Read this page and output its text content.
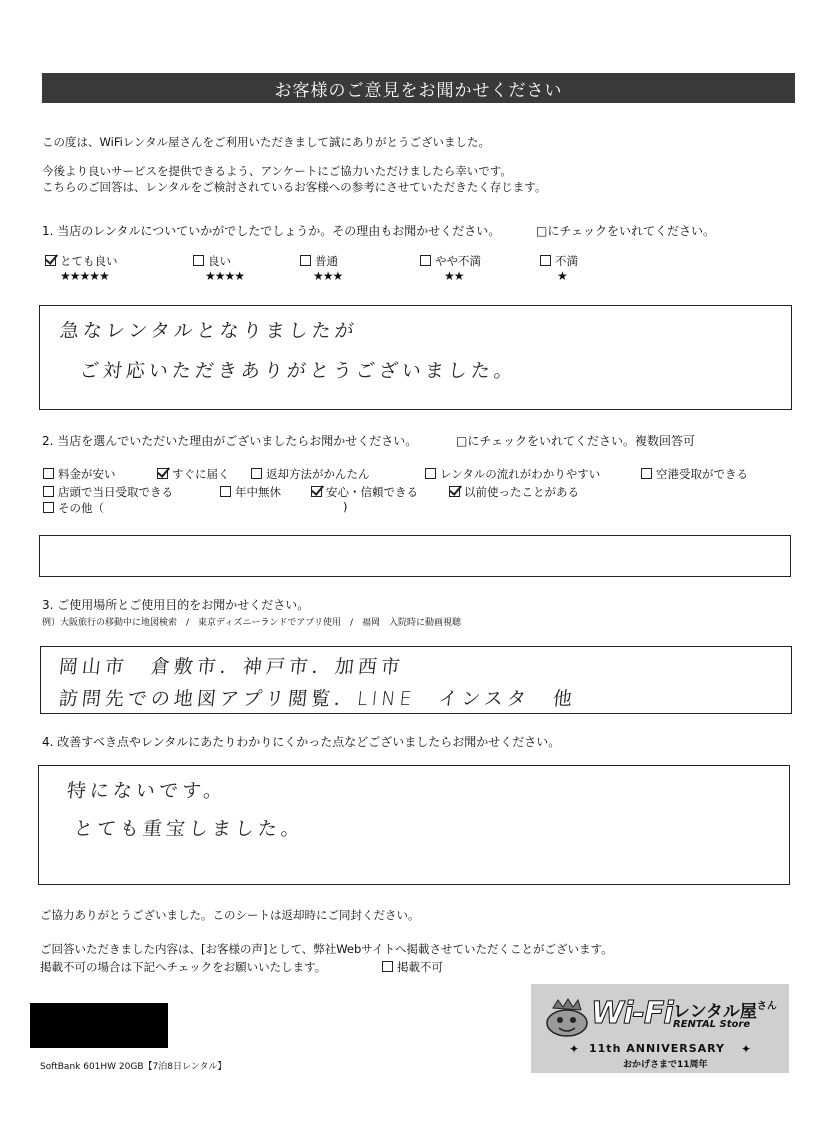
お客様のご意見をお聞かせください
この度は、WiFiレンタル屋さんをご利用いただきまして誠にありがとうございました。
今後より良いサービスを提供できるよう、アンケートにご協力いただけましたら幸いです。
こちらのご回答は、レンタルをご検討されているお客様への参考にさせていただきたく存じます。
1. 当店のレンタルについていかがでしたでしょうか。その理由もお聞かせください。	□にチェックをいれてください。
とても良い
★★★★★
良い
★★★★
普通
★★★
やや不満
★★
不満
★
急なレンタルとなりましたが
ご対応いただきありがとうございました。
2. 当店を選んでいただいた理由がございましたらお聞かせください。	□にチェックをいれてください。複数回答可
料金が安い	すぐに届く	返却方法がかんたん	レンタルの流れがわかりやすい	空港受取ができる
店頭で当日受取できる	年中無休	安心・信頼できる	以前使ったことがある
その他（	)
3. ご使用場所とご使用目的をお聞かせください。
例）大阪旅行の移動中に地図検索　/　東京ディズニーランドでアプリ使用　/　福岡　入院時に動画視聴
岡山市　倉敷市．神戸市．加西市
訪問先での地図アプリ閲覧．LINE　インスタ　他
4. 改善すべき点やレンタルにあたりわかりにくかった点などございましたらお聞かせください。
特にないです。
とても重宝しました。
ご協力ありがとうございました。このシートは返却時にご同封ください。
ご回答いただきました内容は、[お客様の声]として、弊社Webサイトへ掲載させていただくことがございます。
掲載不可の場合は下記へチェックをお願いいたします。	掲載不可
SoftBank 601HW 20GB【7泊8日レンタル】
Wi-Fi レンタル屋$^{さん}$
RENTAL Store
✦ 11th ANNIVERSARY ✦
おかげさまで11周年
